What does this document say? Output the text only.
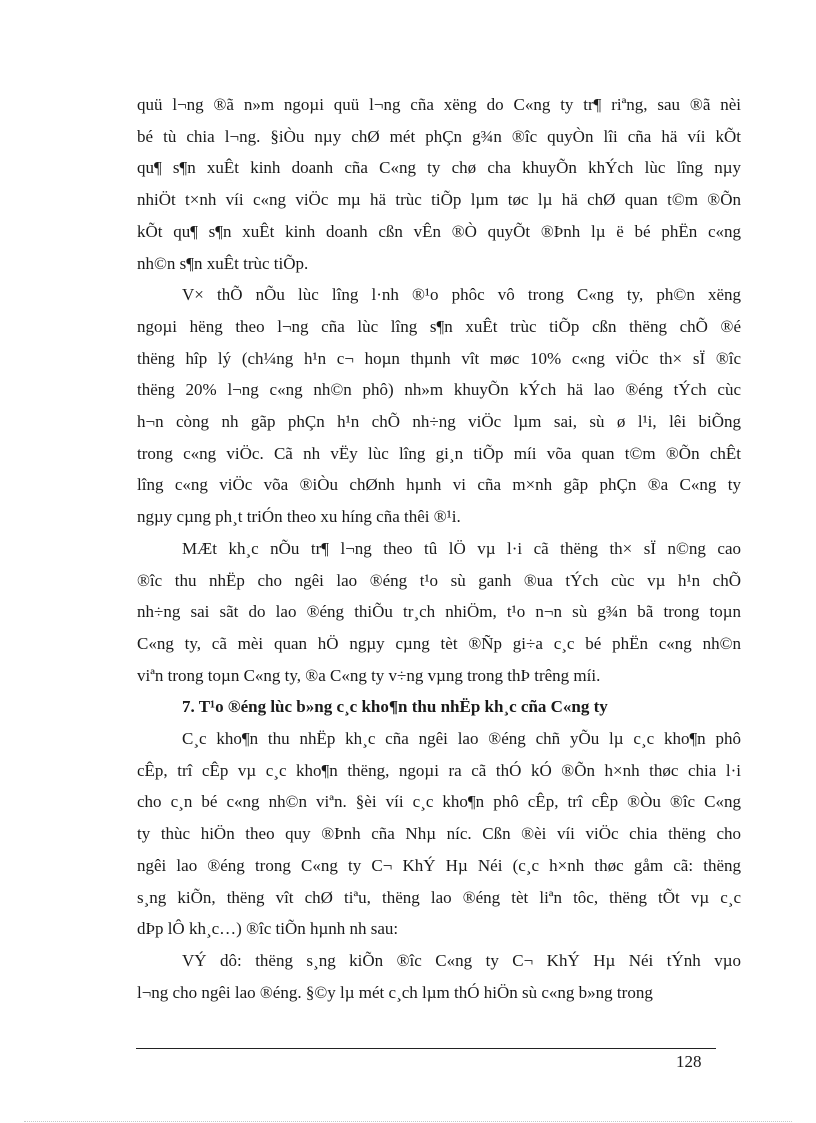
quü l¬ng ®ã n»m ngoµi quü l¬ng cña xëng do C«ng ty tr¶ riªng, sau ®ã nèi
bé tù chia l¬ng. §iÒu nµy chØ mét phÇn g¾n ®îc quyÒn lîi cña hä víi kÕt
qu¶ s¶n xuÊt kinh doanh cña C«ng ty chø cha khuyÕn khÝch lùc lîng nµy
nhiÖt t×nh víi c«ng viÖc mµ hä trùc tiÕp lµm tøc lµ hä chØ quan t©m ®Õn
kÕt qu¶ s¶n xuÊt kinh doanh cßn vÊn ®Ò quyÕt ®Þnh lµ ë bé phËn c«ng
nh©n s¶n xuÊt trùc tiÕp.
V× thÕ nÕu lùc lîng l·nh ®¹o phôc vô trong C«ng ty, ph©n xëng
ngoµi hëng theo l¬ng cña lùc lîng s¶n xuÊt trùc tiÕp cßn thëng chÕ ®é
thëng hîp lý (ch¼ng h¹n c¬ hoµn thµnh vît møc 10% c«ng viÖc th× sÏ ®îc
thëng 20% l¬ng c«ng nh©n phô) nh»m khuyÕn kÝch hä lao ®éng tÝch cùc
h¬n còng nh gãp phÇn h¹n chÕ nh÷ng viÖc lµm sai, sù ø l¹i, lêi biÕng
trong c«ng viÖc. Cã nh vËy lùc lîng gi¸n tiÕp míi võa quan t©m ®Õn chÊt
lîng c«ng viÖc võa ®iÒu chØnh hµnh vi cña m×nh gãp phÇn ®a C«ng ty
ngµy cµng ph¸t triÓn theo xu híng cña thêi ®¹i.
MÆt kh¸c nÕu tr¶ l¬ng theo tû lÖ vµ l·i cã thëng th× sÏ n©ng cao
®îc thu nhËp cho ngêi lao ®éng t¹o sù ganh ®ua tÝch cùc vµ h¹n chÕ
nh÷ng sai sãt do lao ®éng thiÕu tr¸ch nhiÖm, t¹o n¬n sù g¾n bã trong toµn
C«ng ty, cã mèi quan hÖ ngµy cµng tèt ®Ñp gi÷a c¸c bé phËn c«ng nh©n
viªn trong toµn C«ng ty, ®a C«ng ty v÷ng vµng trong thÞ trêng míi.
7. T¹o ®éng lùc b»ng c¸c kho¶n thu nhËp kh¸c cña C«ng ty
C¸c kho¶n thu nhËp kh¸c cña ngêi lao ®éng chñ yÕu lµ c¸c kho¶n phô
cÊp, trî cÊp vµ c¸c kho¶n thëng, ngoµi ra cã thÓ kÓ ®Õn h×nh thøc chia l·i
cho c¸n bé c«ng nh©n viªn. §èi víi c¸c kho¶n phô cÊp, trî cÊp ®Òu ®îc C«ng
ty thùc hiÖn theo quy ®Þnh cña Nhµ níc. Cßn ®èi víi viÖc chia thëng cho
ngêi lao ®éng trong C«ng ty C¬ KhÝ Hµ Néi (c¸c h×nh thøc gåm cã: thëng
s¸ng kiÕn, thëng vît chØ tiªu, thëng lao ®éng tèt liªn tôc, thëng tÕt vµ c¸c
dÞp lÔ kh¸c…) ®îc tiÕn hµnh nh sau:
VÝ dô: thëng s¸ng kiÕn ®îc C«ng ty C¬ KhÝ Hµ Néi tÝnh vµo
l¬ng cho ngêi lao ®éng. §©y lµ mét c¸ch lµm thÓ hiÖn sù c«ng b»ng trong
128
